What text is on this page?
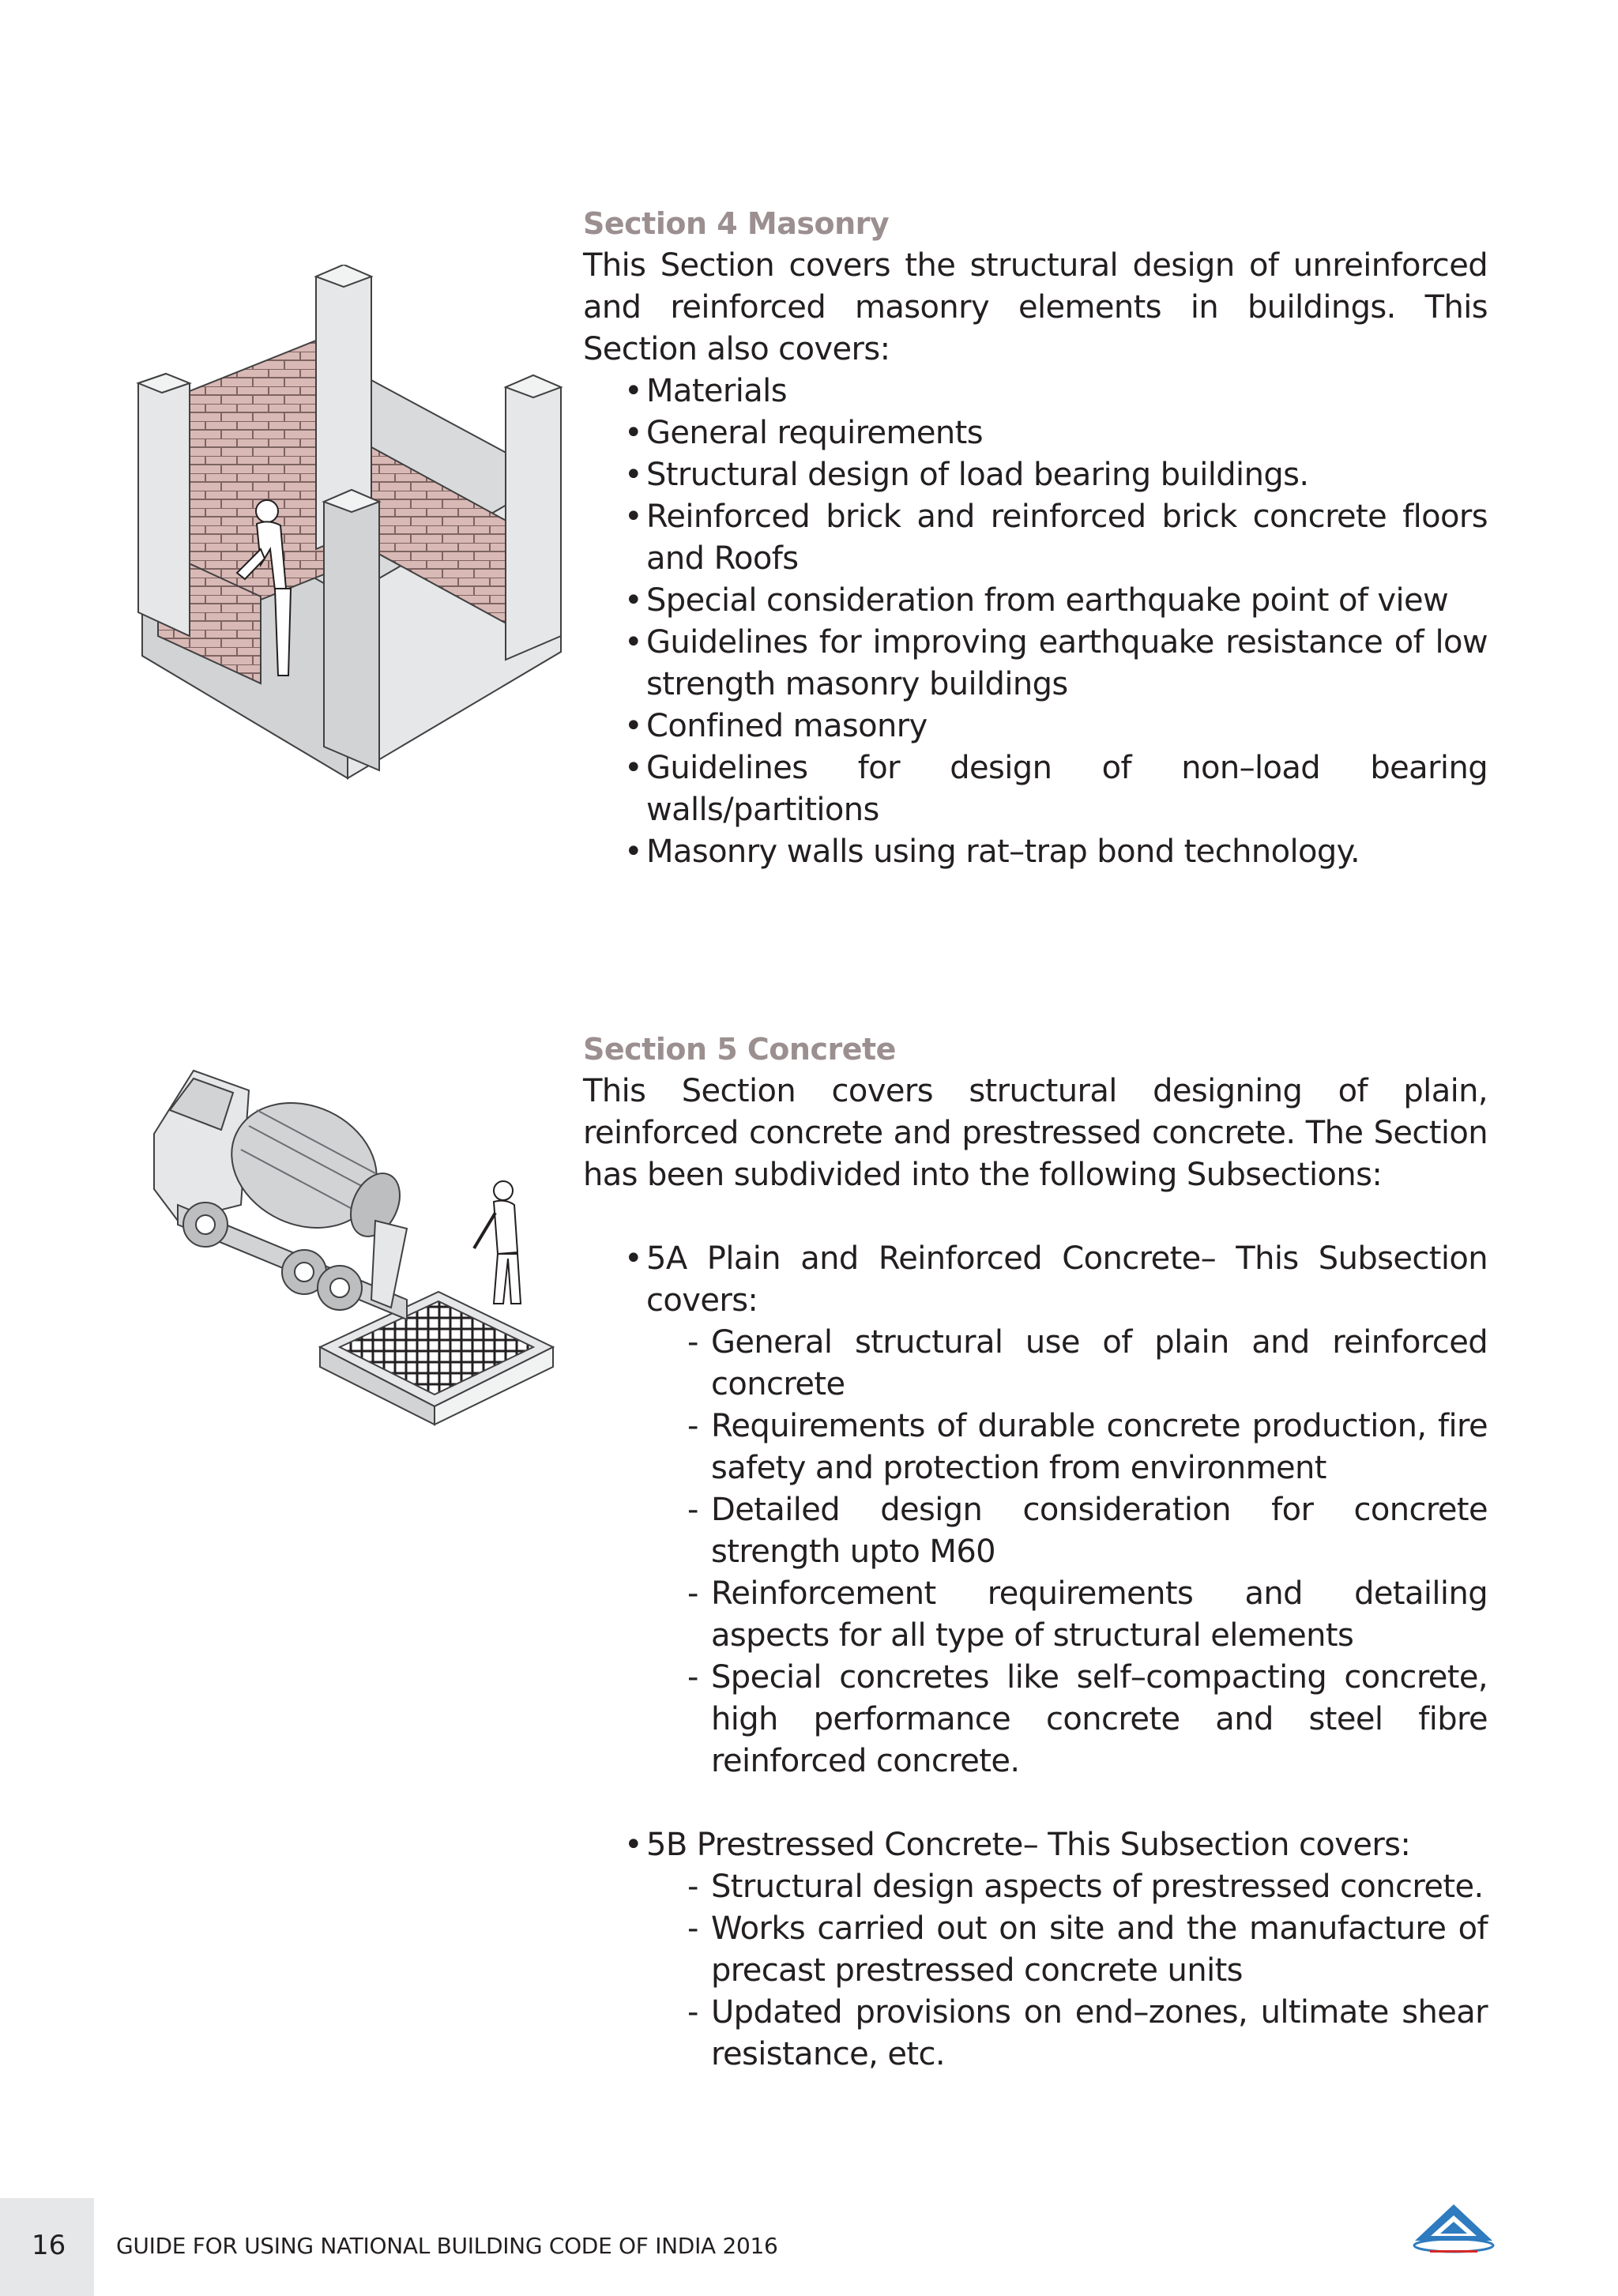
Section 4 Masonry
This Section covers the structural design of unreinforced and reinforced masonry elements in buildings. This Section also covers:
• Materials
• General requirements
• Structural design of load bearing buildings.
• Reinforced brick and reinforced brick concrete floors and Roofs
• Special consideration from earthquake point of view
• Guidelines for improving earthquake resistance of low strength masonry buildings
• Confined masonry
• Guidelines for design of non–load bearing walls/partitions
• Masonry walls using rat–trap bond technology.
Section 5 Concrete
This Section covers structural designing of plain, reinforced concrete and prestressed concrete. The Section has been subdivided into the following Subsections:
• 5A Plain and Reinforced Concrete– This Subsection covers:
- General structural use of plain and reinforced concrete
- Requirements of durable concrete production, fire safety and protection from environment
- Detailed design consideration for concrete strength upto M60
- Reinforcement requirements and detailing aspects for all type of structural elements
- Special concretes like self–compacting concrete, high performance concrete and steel fibre reinforced concrete.
• 5B Prestressed Concrete– This Subsection covers:
- Structural design aspects of prestressed concrete.
- Works carried out on site and the manufacture of precast prestressed concrete units
- Updated provisions on end–zones, ultimate shear resistance, etc.
16 GUIDE FOR USING NATIONAL BUILDING CODE OF INDIA 2016
